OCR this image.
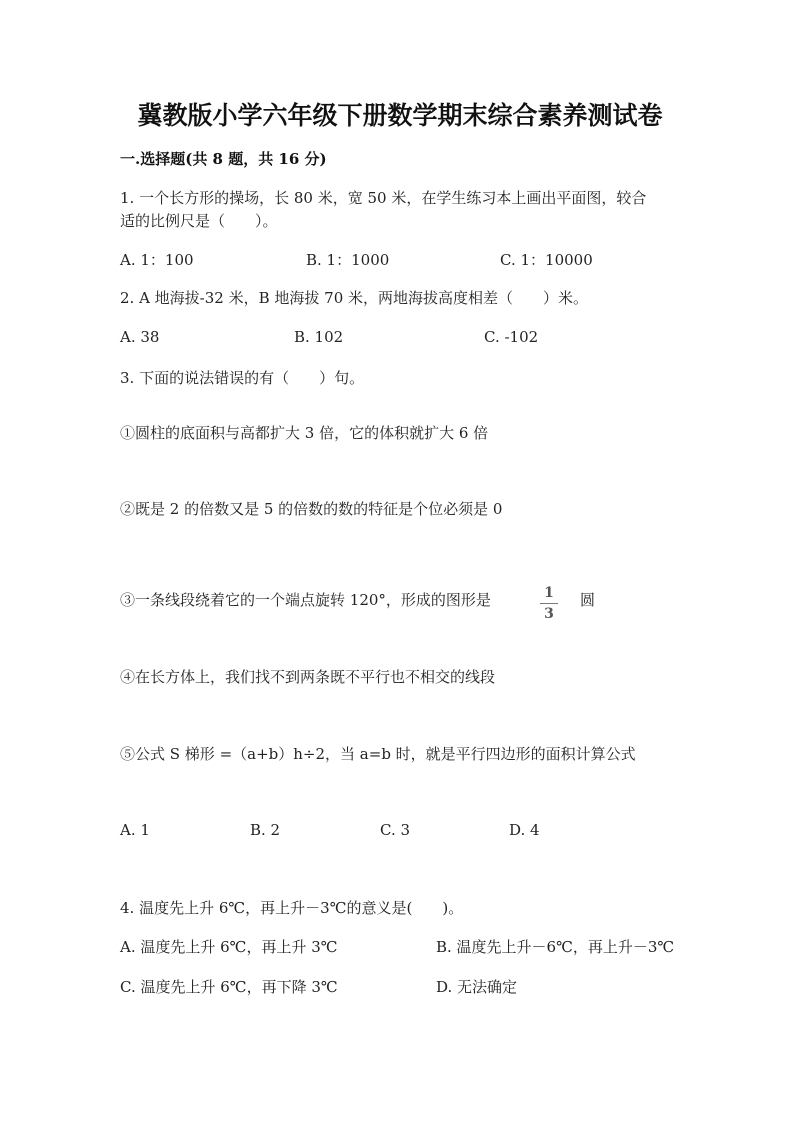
冀教版小学六年级下册数学期末综合素养测试卷
一.选择题(共 8 题，共 16 分)
1. 一个长方形的操场，长 80 米，宽 50 米，在学生练习本上画出平面图，较合
适的比例尺是（　　）。
A. 1：100	B. 1：1000	C. 1：10000
2. A 地海拔-32 米，B 地海拔 70 米，两地海拔高度相差（　　）米。
A. 38	B. 102	C. -102
3. 下面的说法错误的有（　　）句。
①圆柱的底面积与高都扩大 3 倍，它的体积就扩大 6 倍
②既是 2 的倍数又是 5 的倍数的数的特征是个位必须是 0
③一条线段绕着它的一个端点旋转 120°，形成的图形是	1
3
圆
④在长方体上，我们找不到两条既不平行也不相交的线段
⑤公式 S 梯形 =（a+b）h÷2，当 a=b 时，就是平行四边形的面积计算公式
A. 1	B. 2	C. 3	D. 4
4. 温度先上升 6℃，再上升－3℃的意义是(　　)。
A. 温度先上升 6℃，再上升 3℃	B. 温度先上升－6℃，再上升－3℃
C. 温度先上升 6℃，再下降 3℃	D. 无法确定
